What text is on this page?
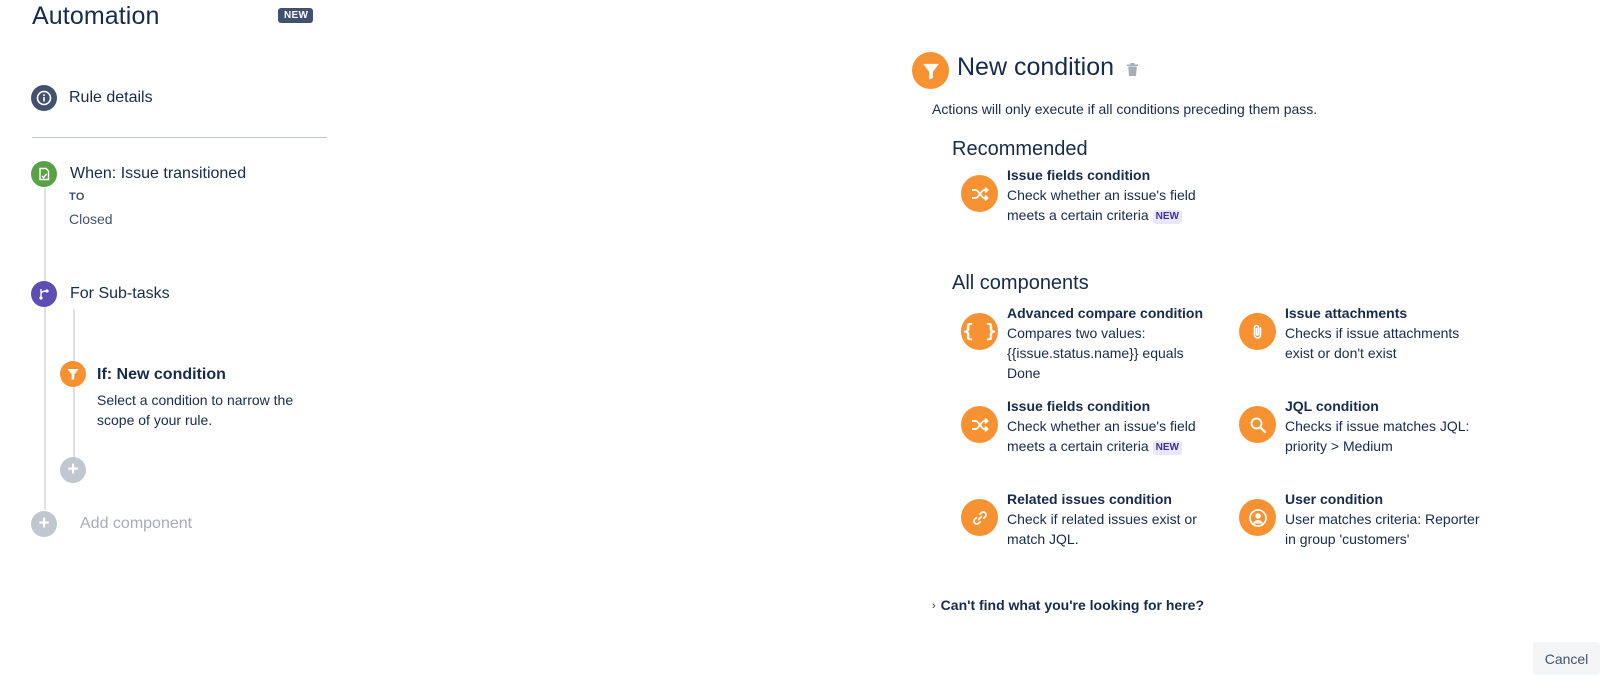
Automation	NEW
Rule details
When: Issue transitioned
TO
Closed
For Sub-tasks
If: New condition
Select a condition to narrow the scope of your rule.
+
+	Add component
New condition
Actions will only execute if all conditions preceding them pass.
Recommended
Issue fields condition
Check whether an issue's field meets a certain criteria NEW
All components
{ }
Advanced compare condition
Compares two values: {{issue.status.name}} equals Done
Issue attachments
Checks if issue attachments exist or don't exist
Issue fields condition
Check whether an issue's field meets a certain criteria NEW
JQL condition
Checks if issue matches JQL: priority > Medium
Related issues condition
Check if related issues exist or match JQL.
User condition
User matches criteria: Reporter in group 'customers'
› Can't find what you're looking for here?
Cancel
